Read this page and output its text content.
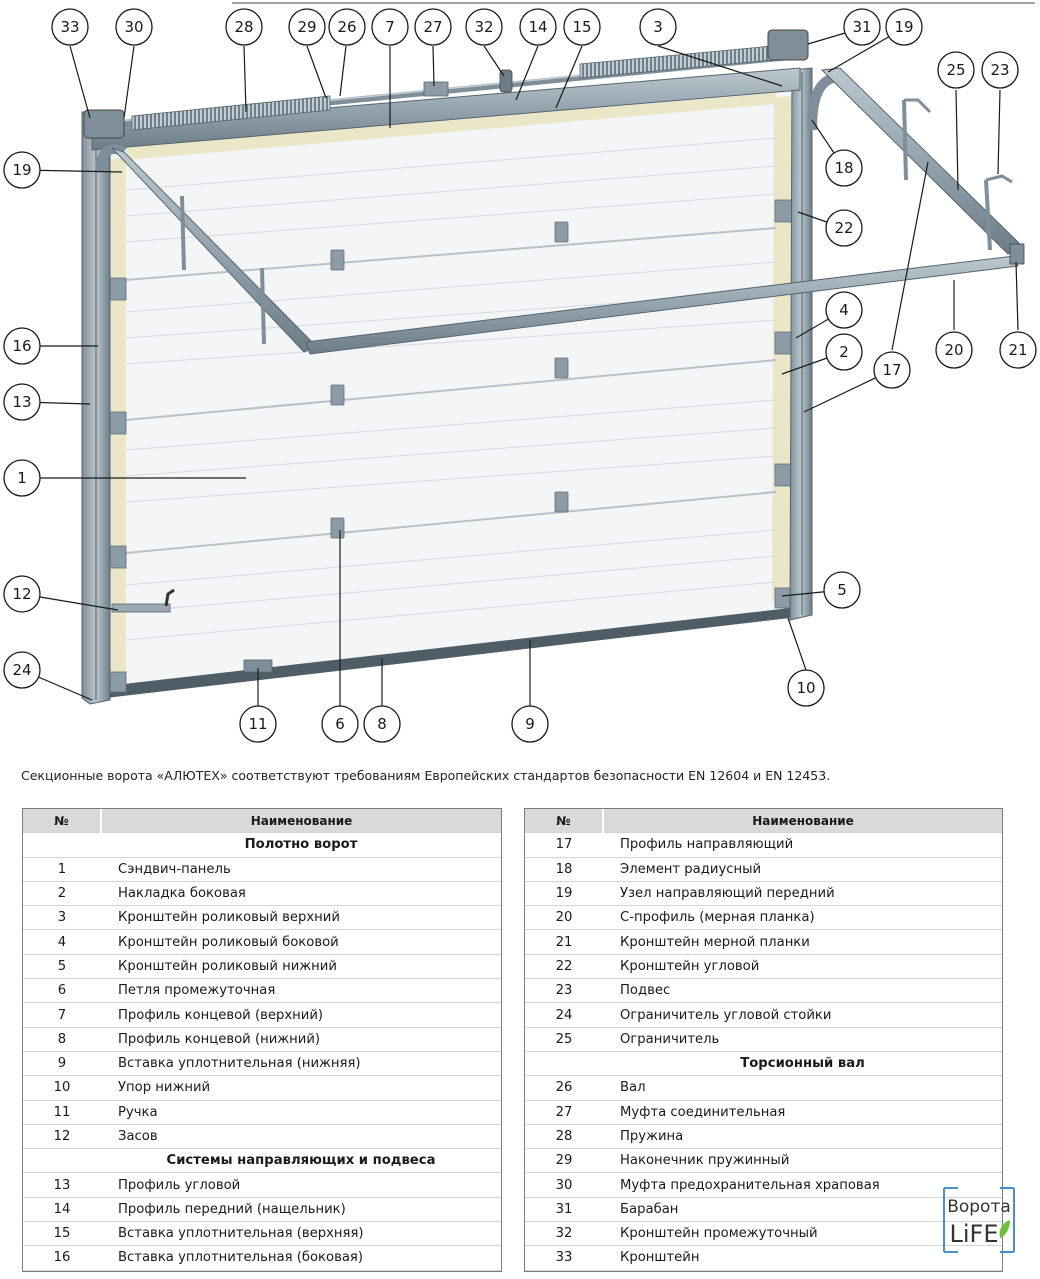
33	30	28	29 26 7 27 32 14 15	3	31 19
25 23
19	18
22
4
2
17
20	21
16
13
1
5
12
24
10
11	6 8	9
Секционные ворота «АЛЮТЕХ» соответствуют требованиям Европейских стандартов безопасности EN 12604 и EN 12453.
№	Наименование
	Полотно ворот
1	Сэндвич-панель
2	Накладка боковая
3	Кронштейн роликовый верхний
4	Кронштейн роликовый боковой
5	Кронштейн роликовый нижний
6	Петля промежуточная
7	Профиль концевой (верхний)
8	Профиль концевой (нижний)
9	Вставка уплотнительная (нижняя)
10	Упор нижний
11	Ручка
12	Засов
	Системы направляющих и подвеса
13	Профиль угловой
14	Профиль передний (нащельник)
15	Вставка уплотнительная (верхняя)
16	Вставка уплотнительная (боковая)
№	Наименование
17	Профиль направляющий
18	Элемент радиусный
19	Узел направляющий передний
20	С-профиль (мерная планка)
21	Кронштейн мерной планки
22	Кронштейн угловой
23	Подвес
24	Ограничитель угловой стойки
25	Ограничитель
	Торсионный вал
26	Вал
27	Муфта соединительная
28	Пружина
29	Наконечник пружинный
30	Муфта предохранительная храповая
31	Барабан
32	Кронштейн промежуточный
33	Кронштейн
Ворота
LiFE
